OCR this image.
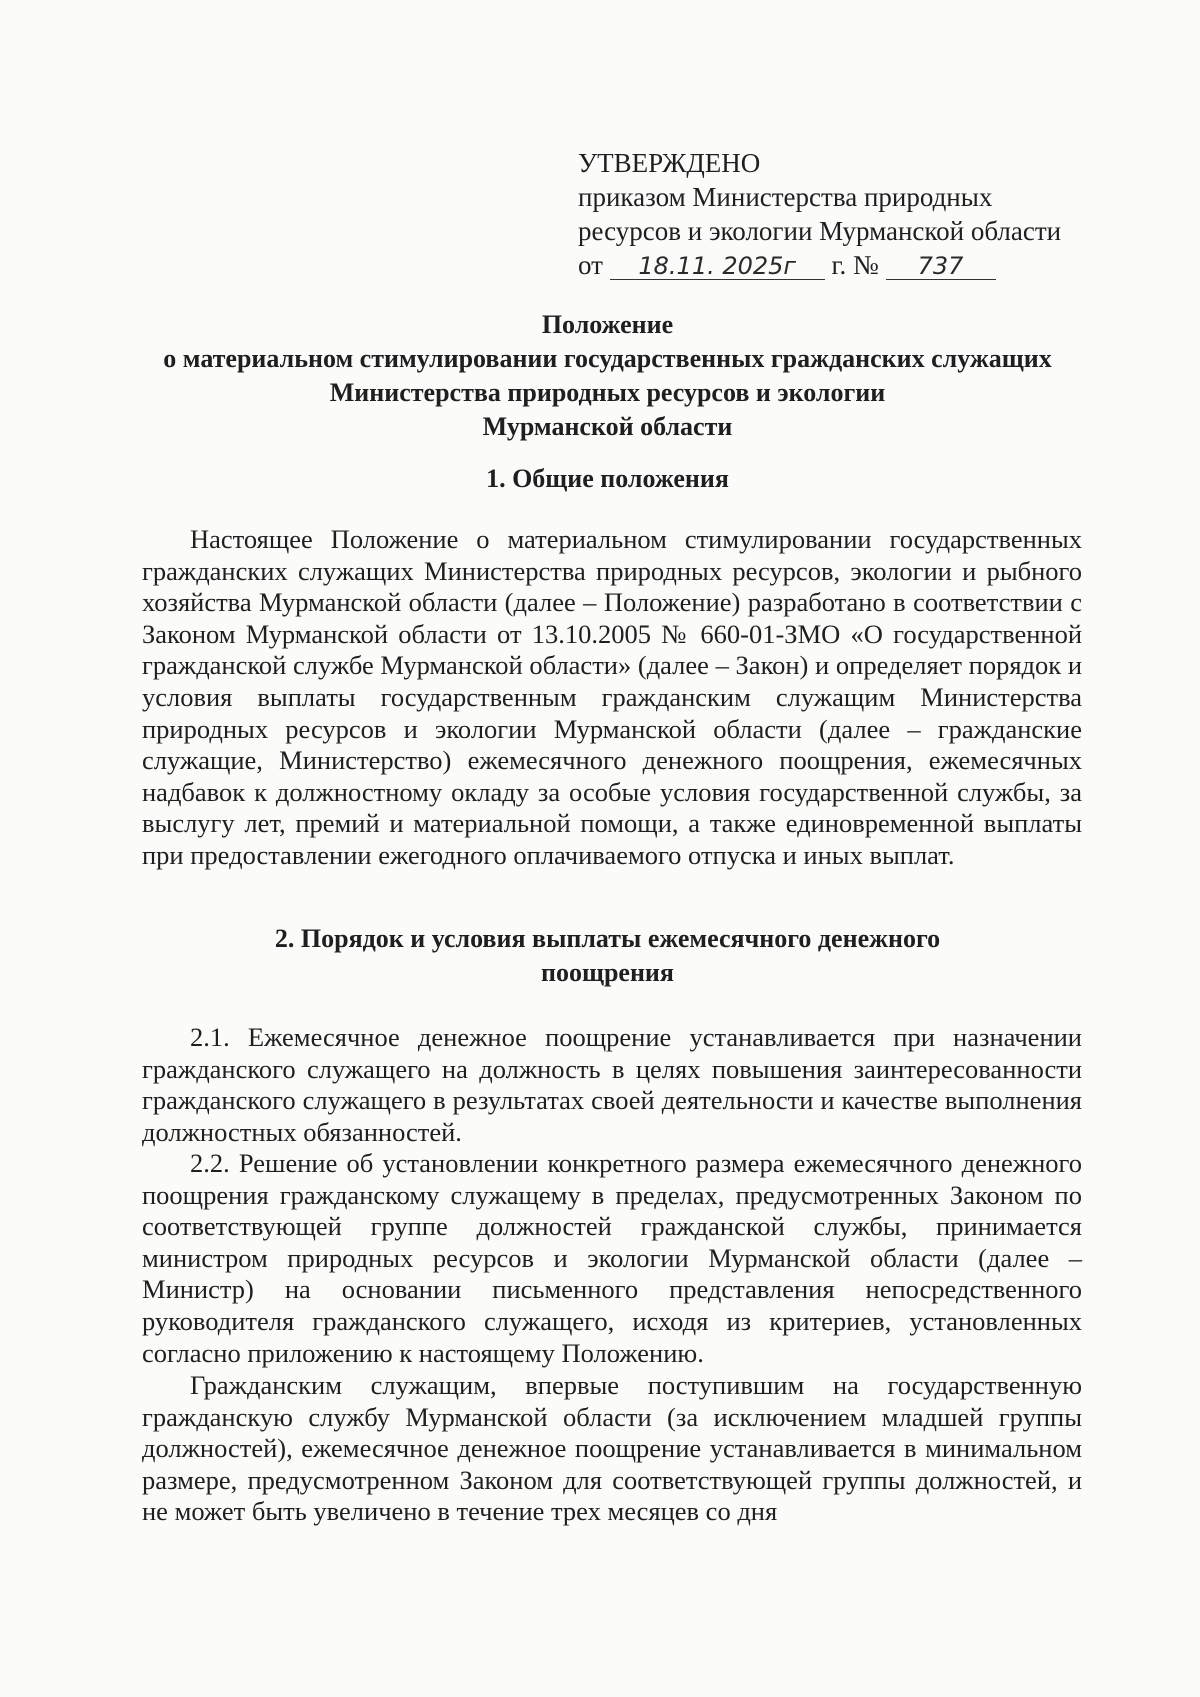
УТВЕРЖДЕНО
приказом Министерства природных
ресурсов и экологии Мурманской области
от 18.11. 2025г г. № 737
Положение
о материальном стимулировании государственных гражданских служащих
Министерства природных ресурсов и экологии
Мурманской области
1. Общие положения
Настоящее Положение о материальном стимулировании государственных гражданских служащих Министерства природных ресурсов, экологии и рыбного хозяйства Мурманской области (далее – Положение) разработано в соответствии с Законом Мурманской области от 13.10.2005 № 660-01-ЗМО «О государственной гражданской службе Мурманской области» (далее – Закон) и определяет порядок и условия выплаты государственным гражданским служащим Министерства природных ресурсов и экологии Мурманской области (далее – гражданские служащие, Министерство) ежемесячного денежного поощрения, ежемесячных надбавок к должностному окладу за особые условия государственной службы, за выслугу лет, премий и материальной помощи, а также единовременной выплаты при предоставлении ежегодного оплачиваемого отпуска и иных выплат.
2. Порядок и условия выплаты ежемесячного денежного
поощрения
2.1. Ежемесячное денежное поощрение устанавливается при назначении гражданского служащего на должность в целях повышения заинтересованности гражданского служащего в результатах своей деятельности и качестве выполнения должностных обязанностей.
2.2. Решение об установлении конкретного размера ежемесячного денежного поощрения гражданскому служащему в пределах, предусмотренных Законом по соответствующей группе должностей гражданской службы, принимается министром природных ресурсов и экологии Мурманской области (далее – Министр) на основании письменного представления непосредственного руководителя гражданского служащего, исходя из критериев, установленных согласно приложению к настоящему Положению.
Гражданским служащим, впервые поступившим на государственную гражданскую службу Мурманской области (за исключением младшей группы должностей), ежемесячное денежное поощрение устанавливается в минимальном размере, предусмотренном Законом для соответствующей группы должностей, и не может быть увеличено в течение трех месяцев со дня
